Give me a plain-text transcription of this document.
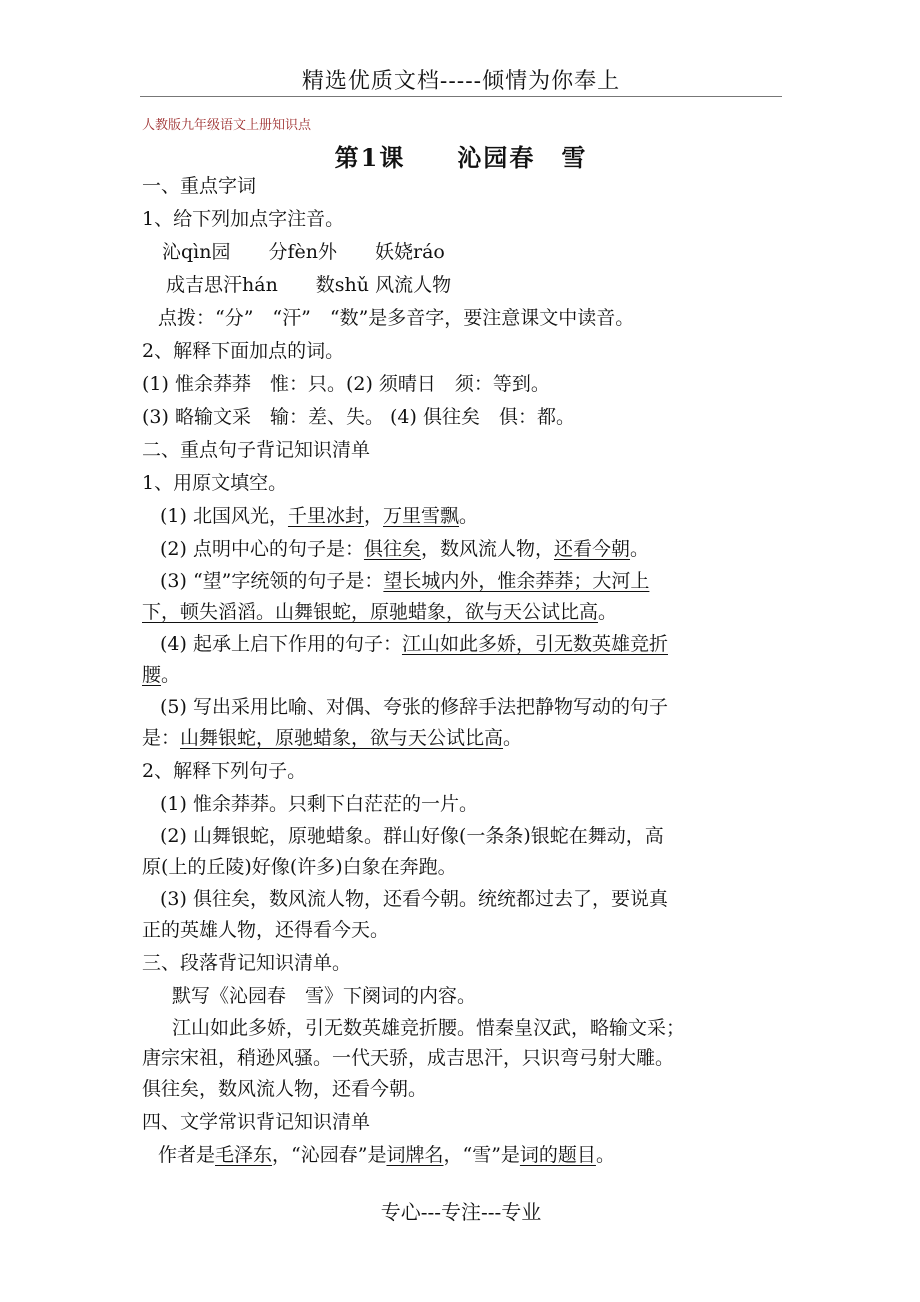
精选优质文档-----倾情为你奉上
人教版九年级语文上册知识点
第1课　　沁园春　雪
一、重点字词
1、给下列加点字注音。
沁qìn园　　分fèn外　　妖娆ráo
成吉思汗hán　　数shǔ 风流人物
点拨：“分”　“汗”　“数”是多音字，要注意课文中读音。
2、解释下面加点的词。
(1) 惟余莽莽　惟：只。(2) 须晴日　须：等到。
(3) 略输文采　输：差、失。 (4) 俱往矣　俱：都。
二、重点句子背记知识清单
1、用原文填空。
(1) 北国风光，千里冰封，万里雪飘。
(2) 点明中心的句子是：俱往矣，数风流人物，还看今朝。
(3) “望”字统领的句子是：望长城内外，惟余莽莽；大河上
下，顿失滔滔。山舞银蛇，原驰蜡象，欲与天公试比高。
(4) 起承上启下作用的句子：江山如此多娇，引无数英雄竞折
腰。
(5) 写出采用比喻、对偶、夸张的修辞手法把静物写动的句子
是：山舞银蛇，原驰蜡象，欲与天公试比高。
2、解释下列句子。
(1) 惟余莽莽。只剩下白茫茫的一片。
(2) 山舞银蛇，原驰蜡象。群山好像(一条条)银蛇在舞动，高
原(上的丘陵)好像(许多)白象在奔跑。
(3) 俱往矣，数风流人物，还看今朝。统统都过去了，要说真
正的英雄人物，还得看今天。
三、段落背记知识清单。
默写《沁园春　雪》下阕词的内容。
江山如此多娇，引无数英雄竞折腰。惜秦皇汉武，略输文采；
唐宗宋祖，稍逊风骚。一代天骄，成吉思汗，只识弯弓射大雕。
俱往矣，数风流人物，还看今朝。
四、文学常识背记知识清单
作者是毛泽东，“沁园春”是词牌名，“雪”是词的题目。
专心---专注---专业
